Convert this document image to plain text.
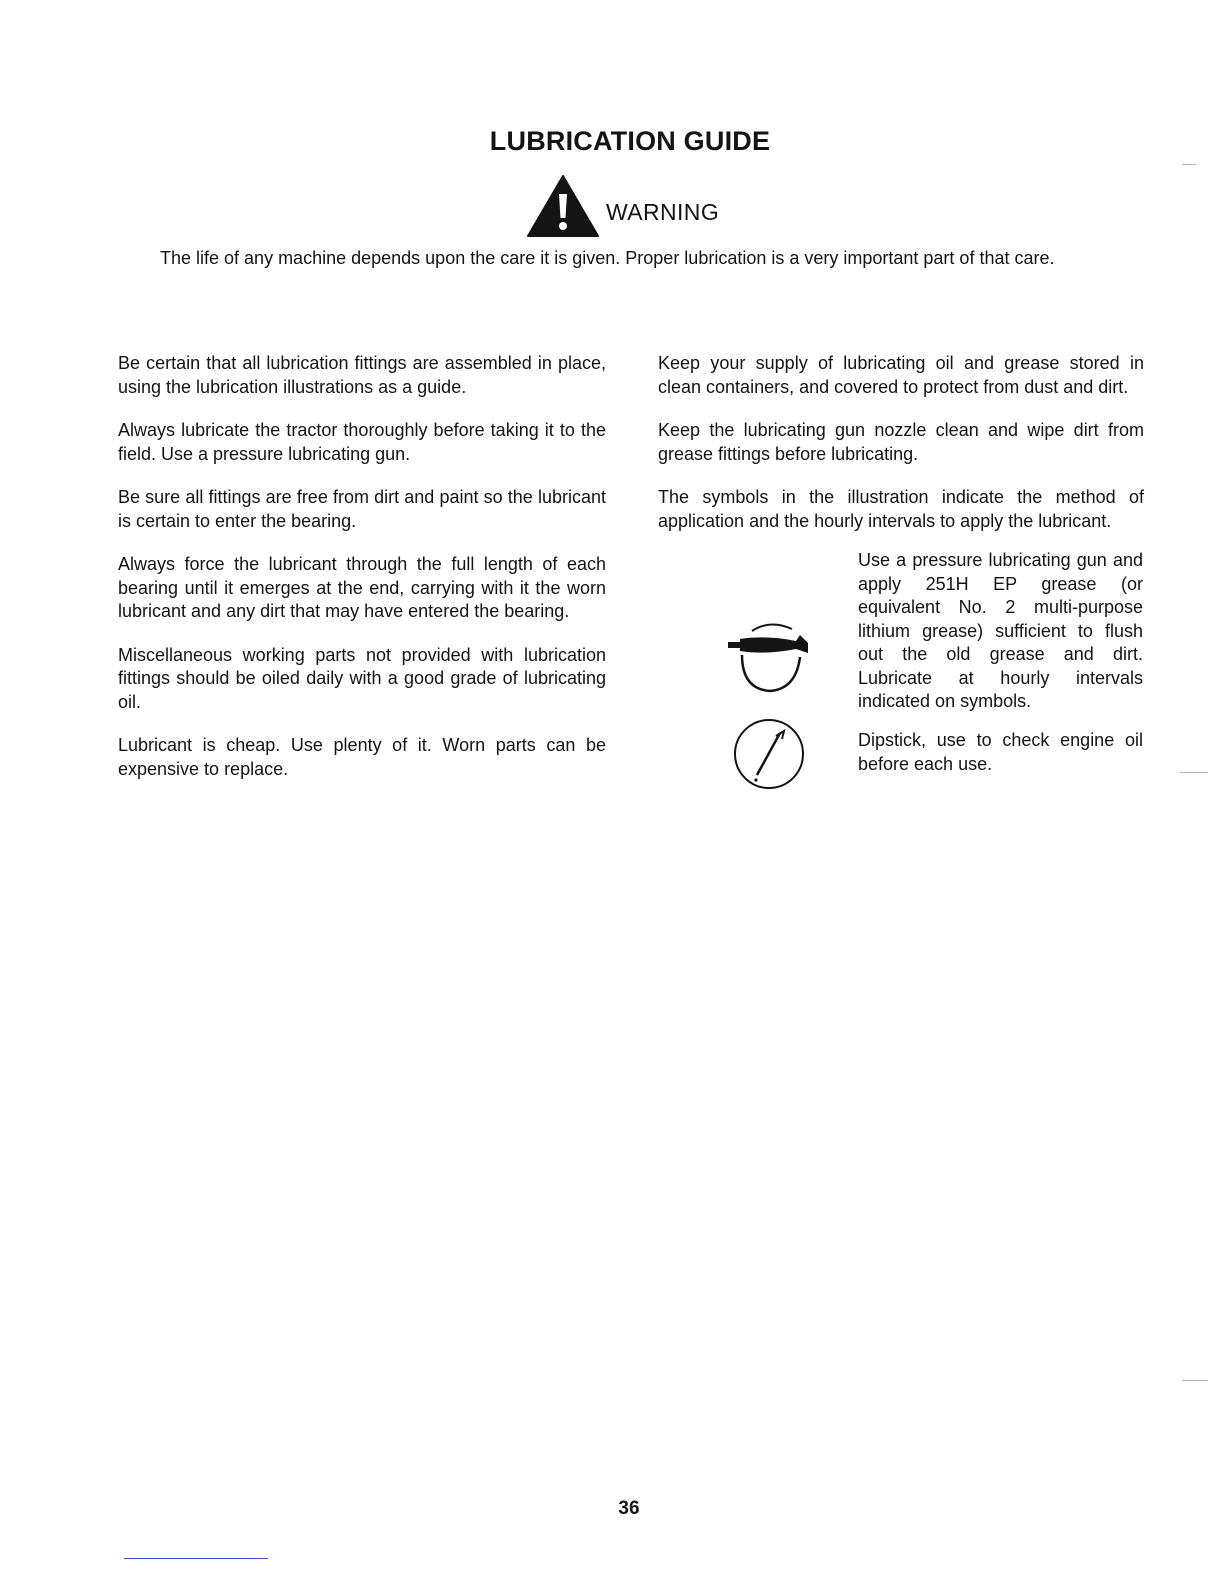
LUBRICATION GUIDE
WARNING

The life of any machine depends upon the care it is given. Proper lubrication is a very important part of that care.

Be certain that all lubrication fittings are assembled in place, using the lubrication illustrations as a guide.

Always lubricate the tractor thoroughly before taking it to the field. Use a pressure lubricating gun.

Be sure all fittings are free from dirt and paint so the lubricant is certain to enter the bearing.

Always force the lubricant through the full length of each bearing until it emerges at the end, carrying with it the worn lubricant and any dirt that may have entered the bearing.

Miscellaneous working parts not provided with lubrication fittings should be oiled daily with a good grade of lubricating oil.

Lubricant is cheap. Use plenty of it. Worn parts can be expensive to replace.

Keep your supply of lubricating oil and grease stored in clean containers, and covered to protect from dust and dirt.

Keep the lubricating gun nozzle clean and wipe dirt from grease fittings before lubricating.

The symbols in the illustration indicate the method of application and the hourly intervals to apply the lubricant.

Use a pressure lubricating gun and apply 251H EP grease (or equivalent No. 2 multi-purpose lithium grease) sufficient to flush out the old grease and dirt. Lubricate at hourly intervals indicated on symbols.

Dipstick, use to check engine oil before each use.

36
